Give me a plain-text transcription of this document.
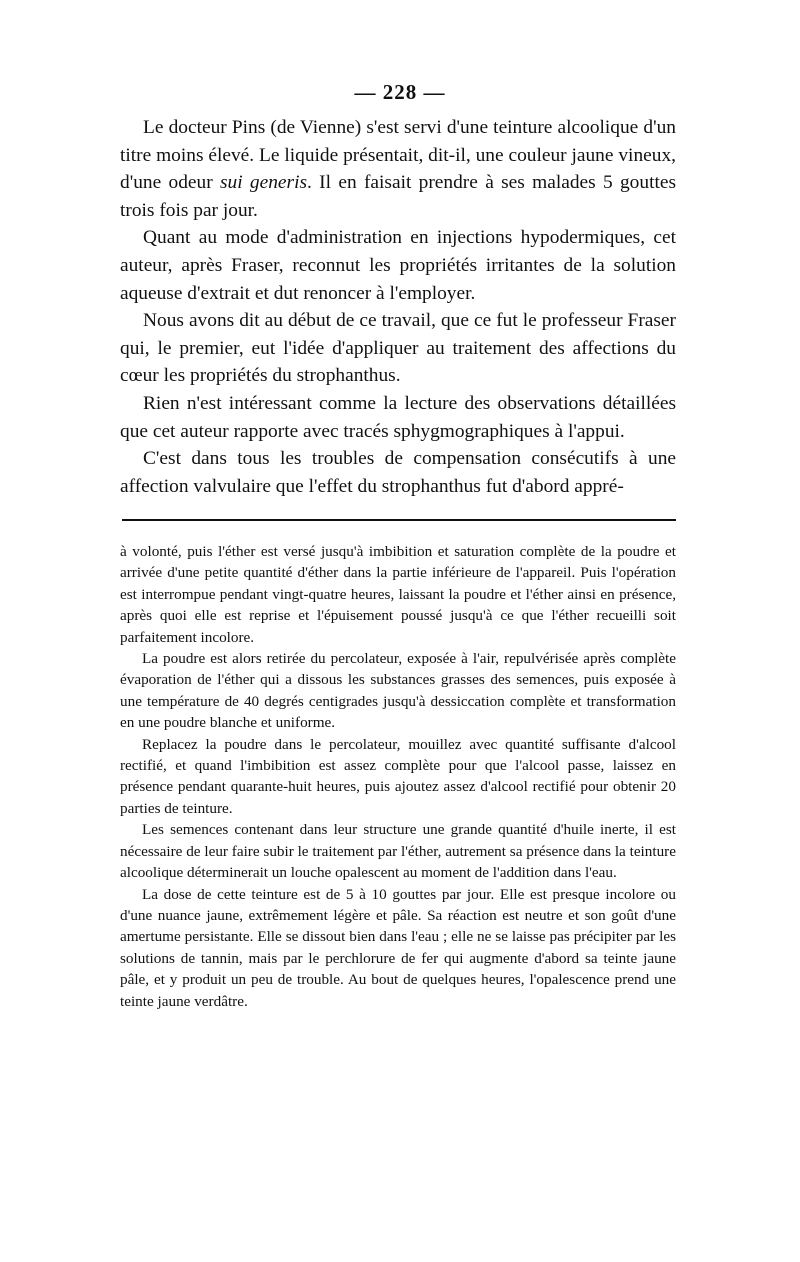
— 228 —

Le docteur Pins (de Vienne) s'est servi d'une teinture alcoolique d'un titre moins élevé. Le liquide présentait, dit-il, une couleur jaune vineux, d'une odeur sui generis. Il en faisait prendre à ses malades 5 gouttes trois fois par jour.

Quant au mode d'administration en injections hypodermiques, cet auteur, après Fraser, reconnut les propriétés irritantes de la solution aqueuse d'extrait et dut renoncer à l'employer.

Nous avons dit au début de ce travail, que ce fut le professeur Fraser qui, le premier, eut l'idée d'appliquer au traitement des affections du cœur les propriétés du strophanthus.

Rien n'est intéressant comme la lecture des observations détaillées que cet auteur rapporte avec tracés sphygmographiques à l'appui.

C'est dans tous les troubles de compensation consécutifs à une affection valvulaire que l'effet du strophanthus fut d'abord appré-

à volonté, puis l'éther est versé jusqu'à imbibition et saturation complète de la poudre et arrivée d'une petite quantité d'éther dans la partie inférieure de l'appareil. Puis l'opération est interrompue pendant vingt-quatre heures, laissant la poudre et l'éther ainsi en présence, après quoi elle est reprise et l'épuisement poussé jusqu'à ce que l'éther recueilli soit parfaitement incolore.

La poudre est alors retirée du percolateur, exposée à l'air, repulvérisée après complète évaporation de l'éther qui a dissous les substances grasses des semences, puis exposée à une température de 40 degrés centigrades jusqu'à dessiccation complète et transformation en une poudre blanche et uniforme.

Replacez la poudre dans le percolateur, mouillez avec quantité suffisante d'alcool rectifié, et quand l'imbibition est assez complète pour que l'alcool passe, laissez en présence pendant quarante-huit heures, puis ajoutez assez d'alcool rectifié pour obtenir 20 parties de teinture.

Les semences contenant dans leur structure une grande quantité d'huile inerte, il est nécessaire de leur faire subir le traitement par l'éther, autrement sa présence dans la teinture alcoolique déterminerait un louche opalescent au moment de l'addition dans l'eau.

La dose de cette teinture est de 5 à 10 gouttes par jour. Elle est presque incolore ou d'une nuance jaune, extrêmement légère et pâle. Sa réaction est neutre et son goût d'une amertume persistante. Elle se dissout bien dans l'eau ; elle ne se laisse pas précipiter par les solutions de tannin, mais par le perchlorure de fer qui augmente d'abord sa teinte jaune pâle, et y produit un peu de trouble. Au bout de quelques heures, l'opalescence prend une teinte jaune verdâtre.
